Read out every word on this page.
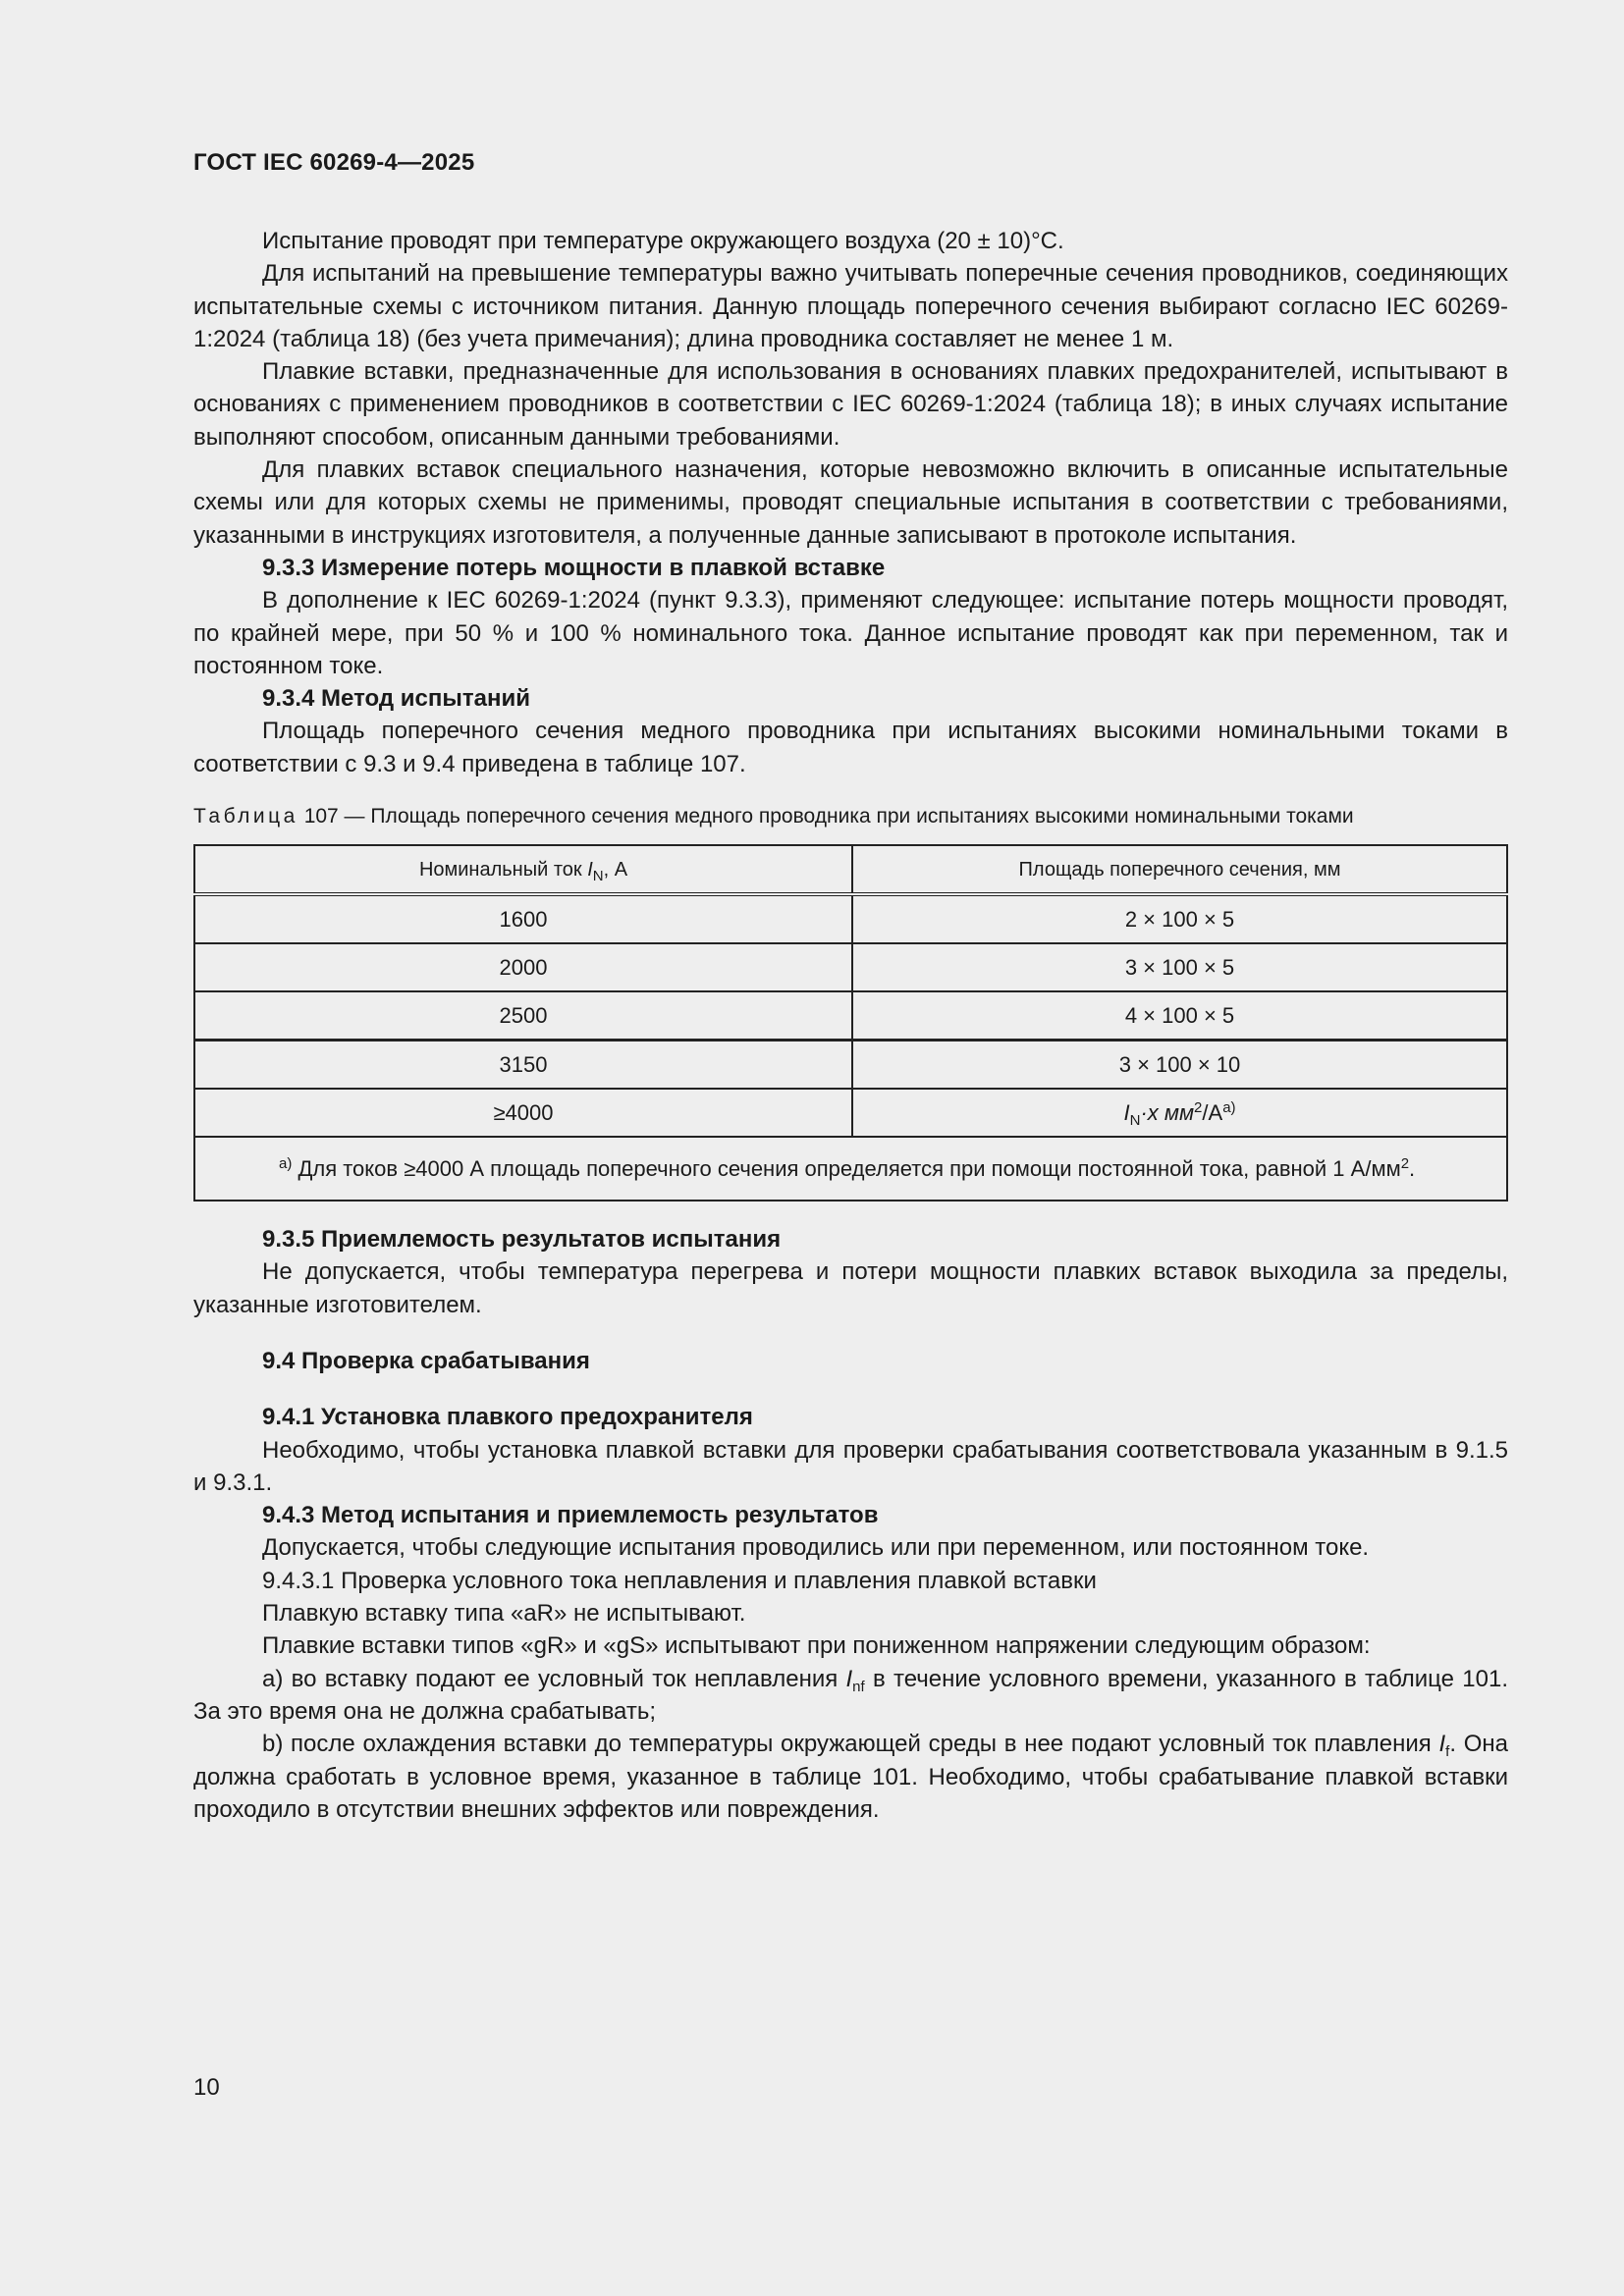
ГОСТ IEC 60269-4—2025

Испытание проводят при температуре окружающего воздуха (20 ± 10)°C.

Для испытаний на превышение температуры важно учитывать поперечные сечения проводников, соединяющих испытательные схемы с источником питания. Данную площадь поперечного сечения выбирают согласно IEC 60269-1:2024 (таблица 18) (без учета примечания); длина проводника составляет не менее 1 м.

Плавкие вставки, предназначенные для использования в основаниях плавких предохранителей, испытывают в основаниях с применением проводников в соответствии с IEC 60269-1:2024 (таблица 18); в иных случаях испытание выполняют способом, описанным данными требованиями.

Для плавких вставок специального назначения, которые невозможно включить в описанные испытательные схемы или для которых схемы не применимы, проводят специальные испытания в соответствии с требованиями, указанными в инструкциях изготовителя, а полученные данные записывают в протоколе испытания.

9.3.3 Измерение потерь мощности в плавкой вставке

В дополнение к IEC 60269-1:2024 (пункт 9.3.3), применяют следующее: испытание потерь мощности проводят, по крайней мере, при 50 % и 100 % номинального тока. Данное испытание проводят как при переменном, так и постоянном токе.

9.3.4 Метод испытаний

Площадь поперечного сечения медного проводника при испытаниях высокими номинальными токами в соответствии с 9.3 и 9.4 приведена в таблице 107.

Таблица 107 — Площадь поперечного сечения медного проводника при испытаниях высокими номинальными токами

Номинальный ток $I_N$, А	Площадь поперечного сечения, мм
1600	2 × 100 × 5
2000	3 × 100 × 5
2500	4 × 100 × 5
3150	3 × 100 × 10
≥4000	$I_N\cdot x$ $мм^2/А^{a)}$
$^{a)}$ Для токов ≥4000 А площадь поперечного сечения определяется при помощи постоянной тока, равной 1 $А/мм^2$.	

9.3.5 Приемлемость результатов испытания

Не допускается, чтобы температура перегрева и потери мощности плавких вставок выходила за пределы, указанные изготовителем.

9.4 Проверка срабатывания

9.4.1 Установка плавкого предохранителя

Необходимо, чтобы установка плавкой вставки для проверки срабатывания соответствовала указанным в 9.1.5 и 9.3.1.

9.4.3 Метод испытания и приемлемость результатов

Допускается, чтобы следующие испытания проводились или при переменном, или постоянном токе.

9.4.3.1 Проверка условного тока неплавления и плавления плавкой вставки

Плавкую вставку типа «aR» не испытывают.

Плавкие вставки типов «gR» и «gS» испытывают при пониженном напряжении следующим образом:

a) во вставку подают ее условный ток неплавления $I_{nf}$ в течение условного времени, указанного в таблице 101. За это время она не должна срабатывать;

b) после охлаждения вставки до температуры окружающей среды в нее подают условный ток плавления $I_f$. Она должна сработать в условное время, указанное в таблице 101. Необходимо, чтобы срабатывание плавкой вставки проходило в отсутствии внешних эффектов или повреждения.

10
